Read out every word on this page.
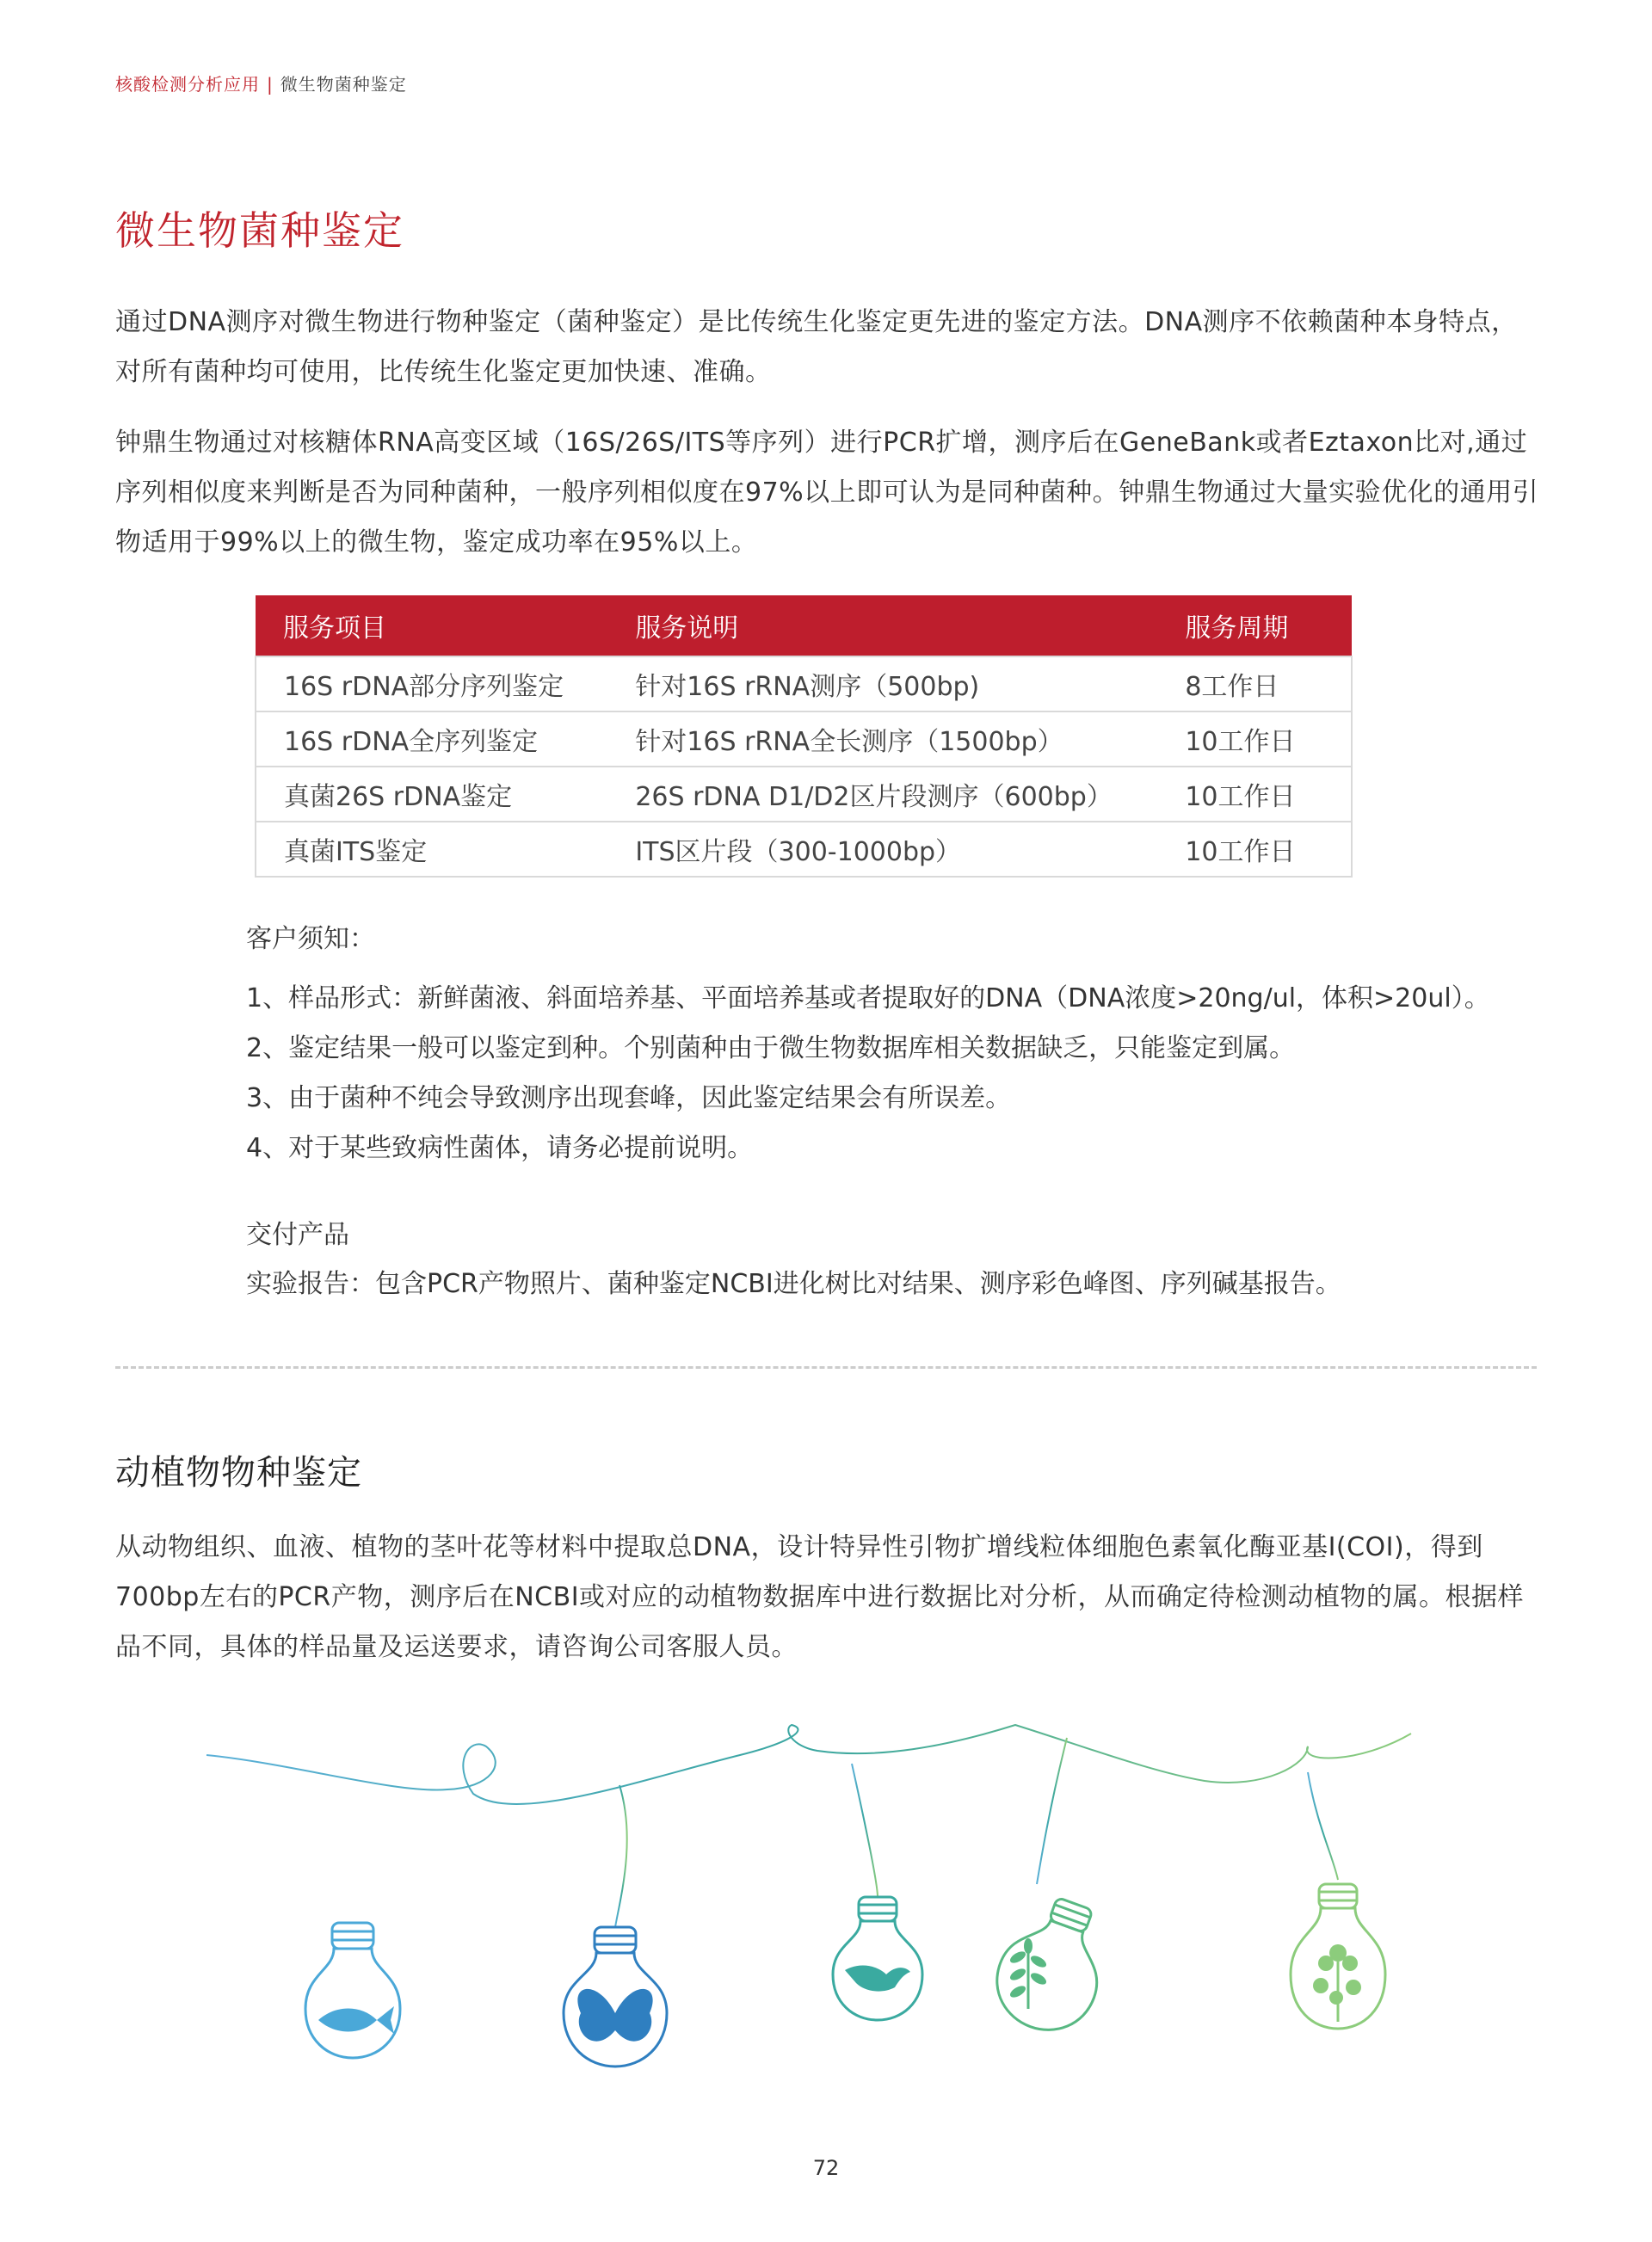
核酸检测分析应用 | 微生物菌种鉴定
微生物菌种鉴定
通过DNA测序对微生物进行物种鉴定（菌种鉴定）是比传统生化鉴定更先进的鉴定方法。DNA测序不依赖菌种本身特点，对所有菌种均可使用，比传统生化鉴定更加快速、准确。
钟鼎生物通过对核糖体RNA高变区域（16S/26S/ITS等序列）进行PCR扩增，测序后在GeneBank或者Eztaxon比对,通过序列相似度来判断是否为同种菌种，一般序列相似度在97%以上即可认为是同种菌种。钟鼎生物通过大量实验优化的通用引物适用于99%以上的微生物，鉴定成功率在95%以上。
服务项目	服务说明	服务周期
16S rDNA部分序列鉴定	针对16S rRNA测序（500bp)	8工作日
16S rDNA全序列鉴定	针对16S rRNA全长测序（1500bp）	10工作日
真菌26S rDNA鉴定	26S rDNA D1/D2区片段测序（600bp）	10工作日
真菌ITS鉴定	ITS区片段（300-1000bp）	10工作日
客户须知：
1、样品形式：新鲜菌液、斜面培养基、平面培养基或者提取好的DNA（DNA浓度>20ng/ul，体积>20ul）。
2、鉴定结果一般可以鉴定到种。个别菌种由于微生物数据库相关数据缺乏，只能鉴定到属。
3、由于菌种不纯会导致测序出现套峰，因此鉴定结果会有所误差。
4、对于某些致病性菌体，请务必提前说明。
交付产品
实验报告：包含PCR产物照片、菌种鉴定NCBI进化树比对结果、测序彩色峰图、序列碱基报告。
动植物物种鉴定
从动物组织、血液、植物的茎叶花等材料中提取总DNA，设计特异性引物扩增线粒体细胞色素氧化酶亚基I(COI)，得到700bp左右的PCR产物，测序后在NCBI或对应的动植物数据库中进行数据比对分析，从而确定待检测动植物的属。根据样品不同，具体的样品量及运送要求，请咨询公司客服人员。
72
